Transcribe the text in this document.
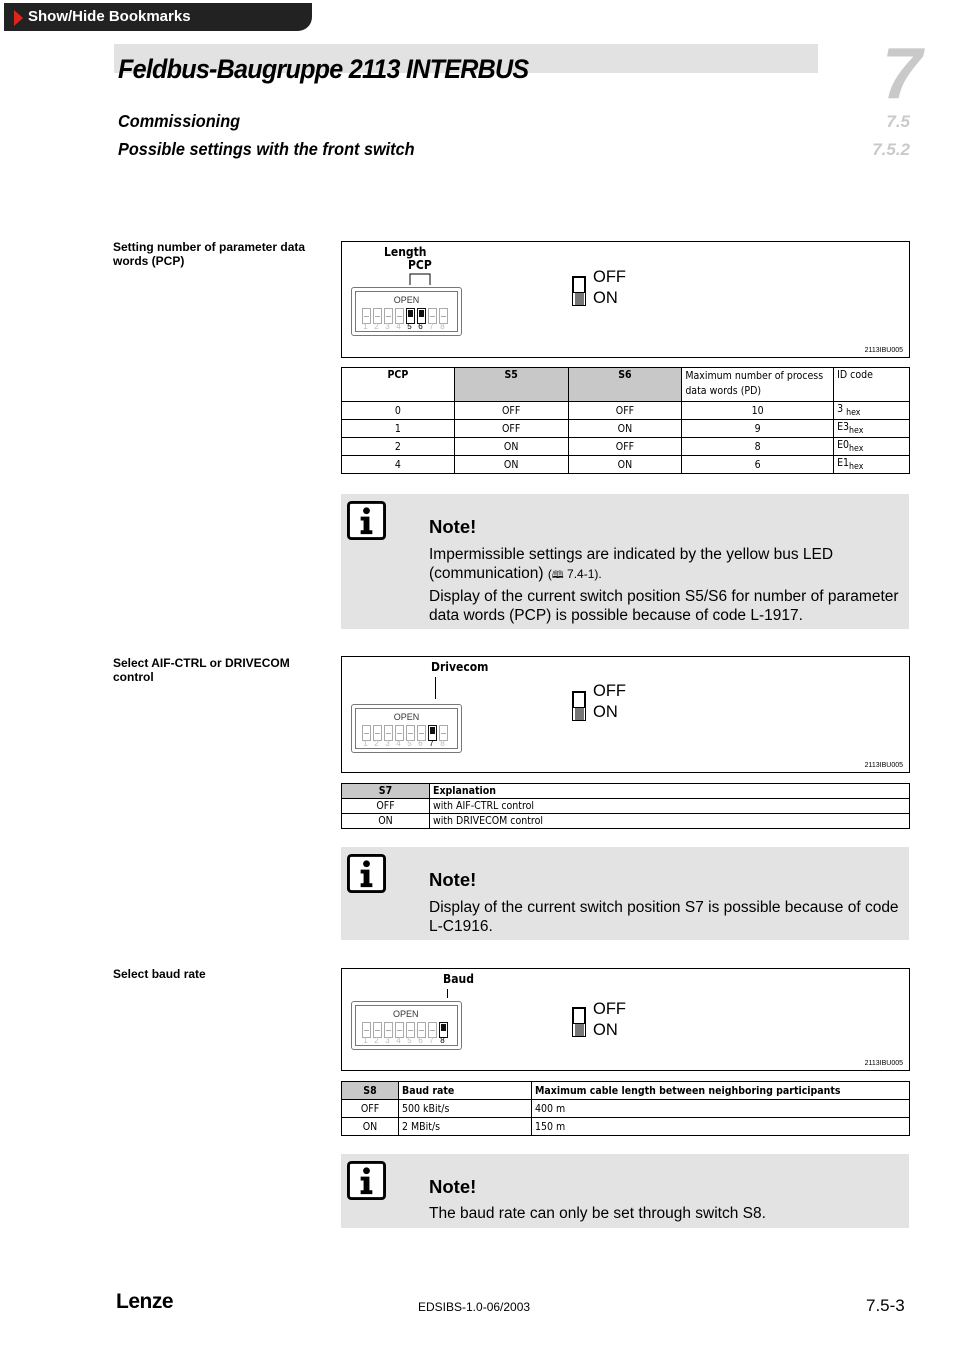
Show/Hide Bookmarks
Feldbus-Baugruppe 2113 INTERBUS	7
7.5
7.5.2
Commissioning
Possible settings with the front switch
Setting number of parameter data words (PCP)
Length
PCP
OPEN
1 2 3 4 5 6 7 8
OFF
ON
2113IBU005
PCP	S5	S6	Maximum number of process data words (PD)	ID code
0	OFF	OFF	10	3 $_{hex}$
1	OFF	ON	9	$E3_{hex}$
2	ON	OFF	8	$E0_{hex}$
4	ON	ON	6	$E1_{hex}$
Note!
Impermissible settings are indicated by the yellow bus LED (communication) (🕮 7.4-1).
Display of the current switch position S5/S6 for number of parameter data words (PCP) is possible because of code L-1917.
Select AIF-CTRL or DRIVECOM control
Drivecom
OPEN
1 2 3 4 5 6 7 8
OFF
ON
2113IBU005
S7	Explanation
OFF	with AIF-CTRL control
ON	with DRIVECOM control
Note!
Display of the current switch position S7 is possible because of code L-C1916.
Select baud rate	Baud
OPEN
1 2 3 4 5 6 7 8
OFF
ON
2113IBU005
S8	Baud rate	Maximum cable length between neighboring participants
OFF	500 kBit/s	400 m
ON	2 MBit/s	150 m
Note!
The baud rate can only be set through switch S8.
Lenze	EDSIBS-1.0-06/2003	7.5-3
